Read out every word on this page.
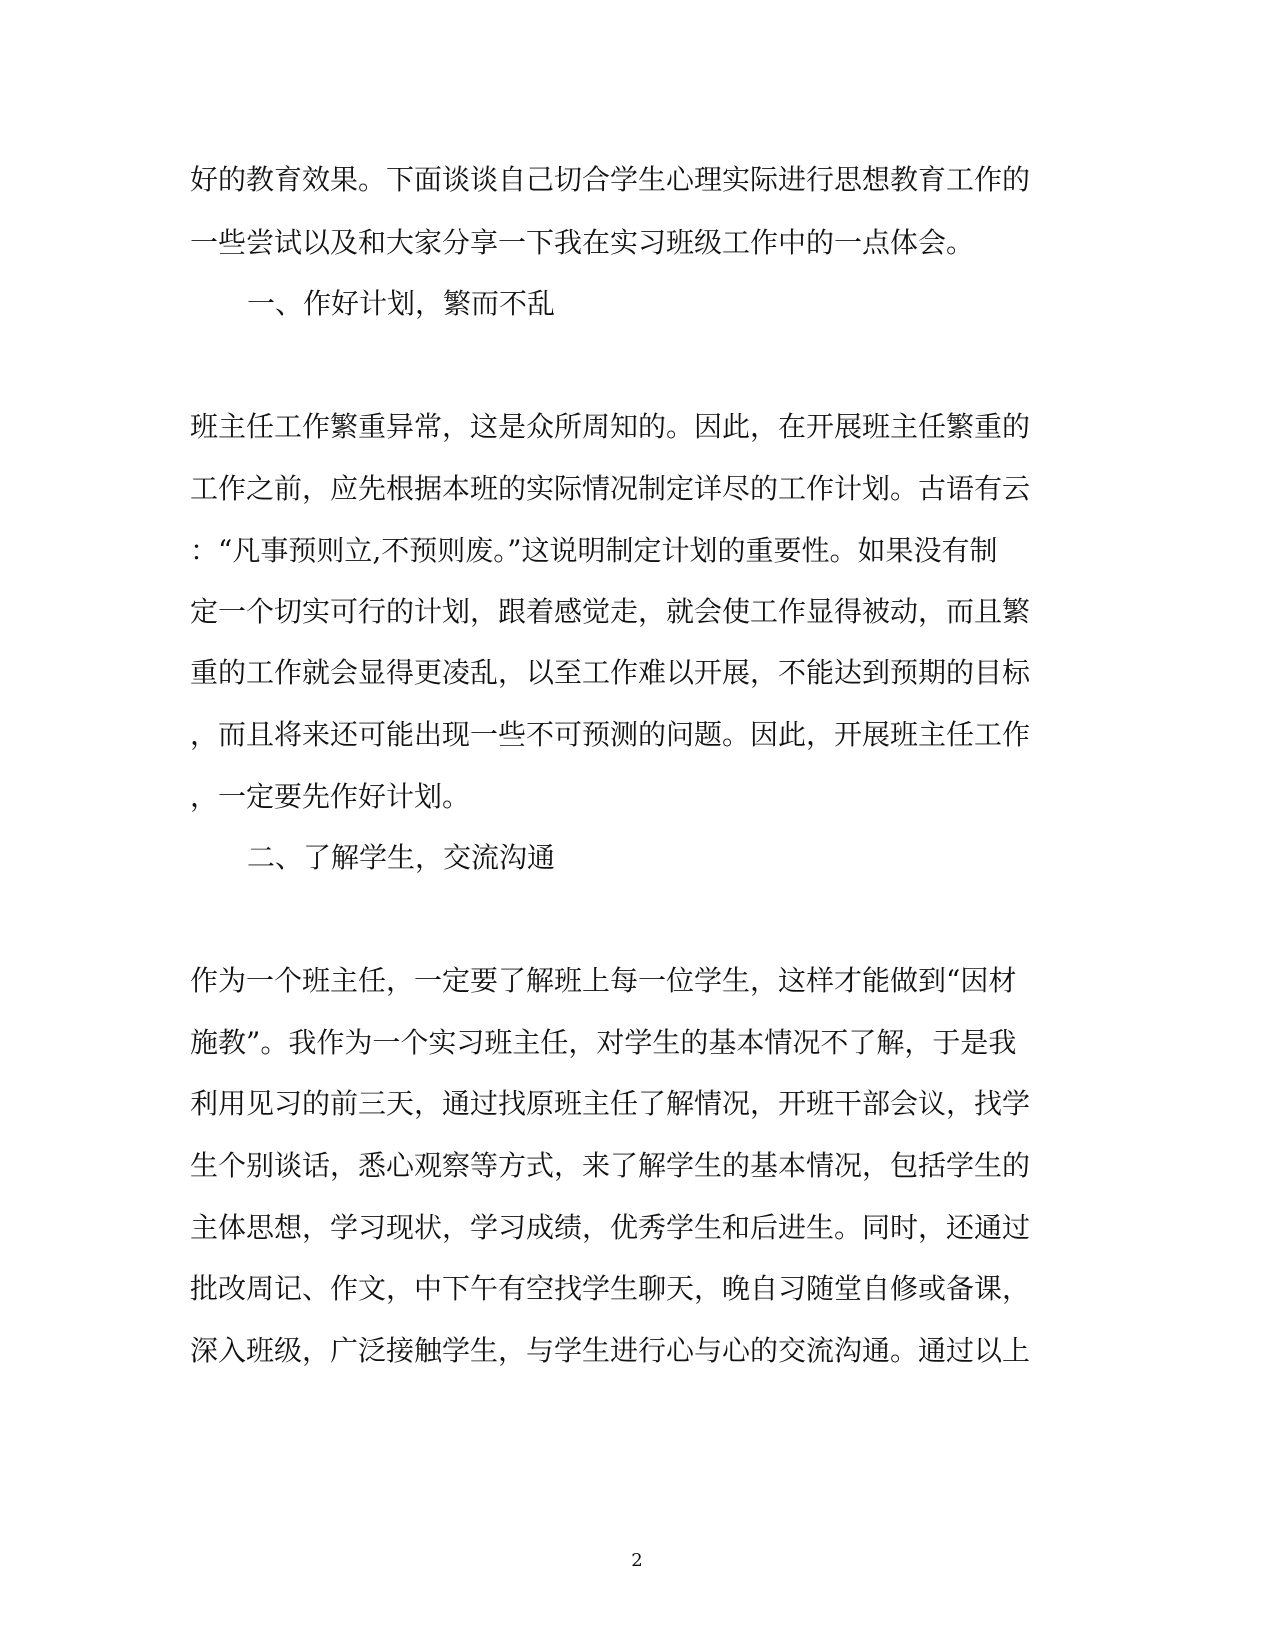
好的教育效果。下面谈谈自己切合学生心理实际进行思想教育工作的
一些尝试以及和大家分享一下我在实习班级工作中的一点体会。
一、作好计划，繁而不乱
班主任工作繁重异常，这是众所周知的。因此，在开展班主任繁重的
工作之前，应先根据本班的实际情况制定详尽的工作计划。古语有云
：“凡事预则立,不预则废。”这说明制定计划的重要性。如果没有制
定一个切实可行的计划，跟着感觉走，就会使工作显得被动，而且繁
重的工作就会显得更凌乱，以至工作难以开展，不能达到预期的目标
，而且将来还可能出现一些不可预测的问题。因此，开展班主任工作
，一定要先作好计划。
二、了解学生，交流沟通
作为一个班主任，一定要了解班上每一位学生，这样才能做到“因材
施教”。我作为一个实习班主任，对学生的基本情况不了解，于是我
利用见习的前三天，通过找原班主任了解情况，开班干部会议，找学
生个别谈话，悉心观察等方式，来了解学生的基本情况，包括学生的
主体思想，学习现状，学习成绩，优秀学生和后进生。同时，还通过
批改周记、作文，中下午有空找学生聊天，晚自习随堂自修或备课，
深入班级，广泛接触学生，与学生进行心与心的交流沟通。通过以上
2
